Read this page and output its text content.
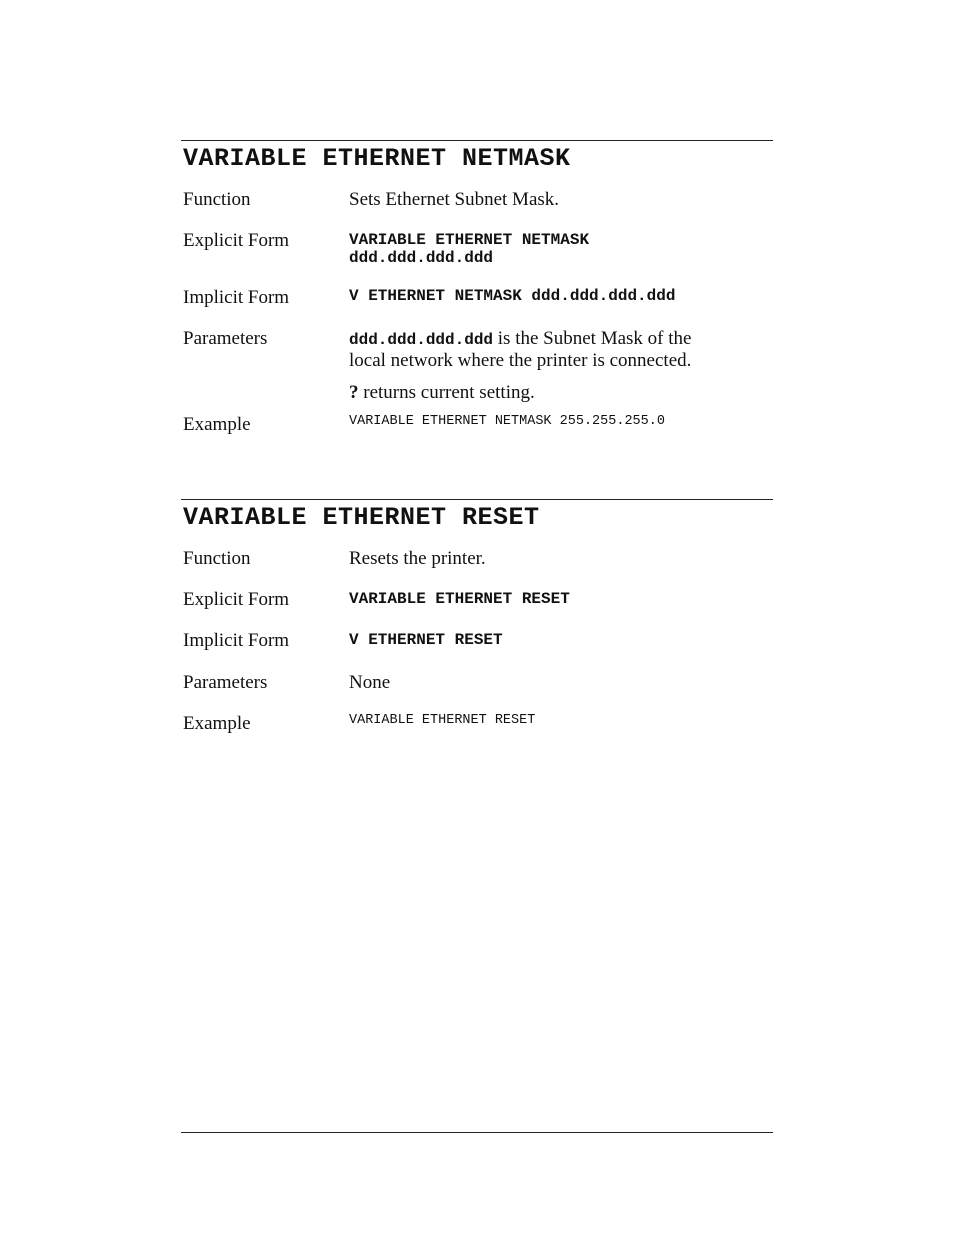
VARIABLE ETHERNET NETMASK
Function	Sets Ethernet Subnet Mask.
Explicit Form	VARIABLE ETHERNET NETMASK
ddd.ddd.ddd.ddd
Implicit Form	V ETHERNET NETMASK ddd.ddd.ddd.ddd
Parameters	ddd.ddd.ddd.ddd is the Subnet Mask of the
local network where the printer is connected.
? returns current setting.
Example	VARIABLE ETHERNET NETMASK 255.255.255.0
VARIABLE ETHERNET RESET
Function	Resets the printer.
Explicit Form	VARIABLE ETHERNET RESET
Implicit Form	V ETHERNET RESET
Parameters	None
Example	VARIABLE ETHERNET RESET
